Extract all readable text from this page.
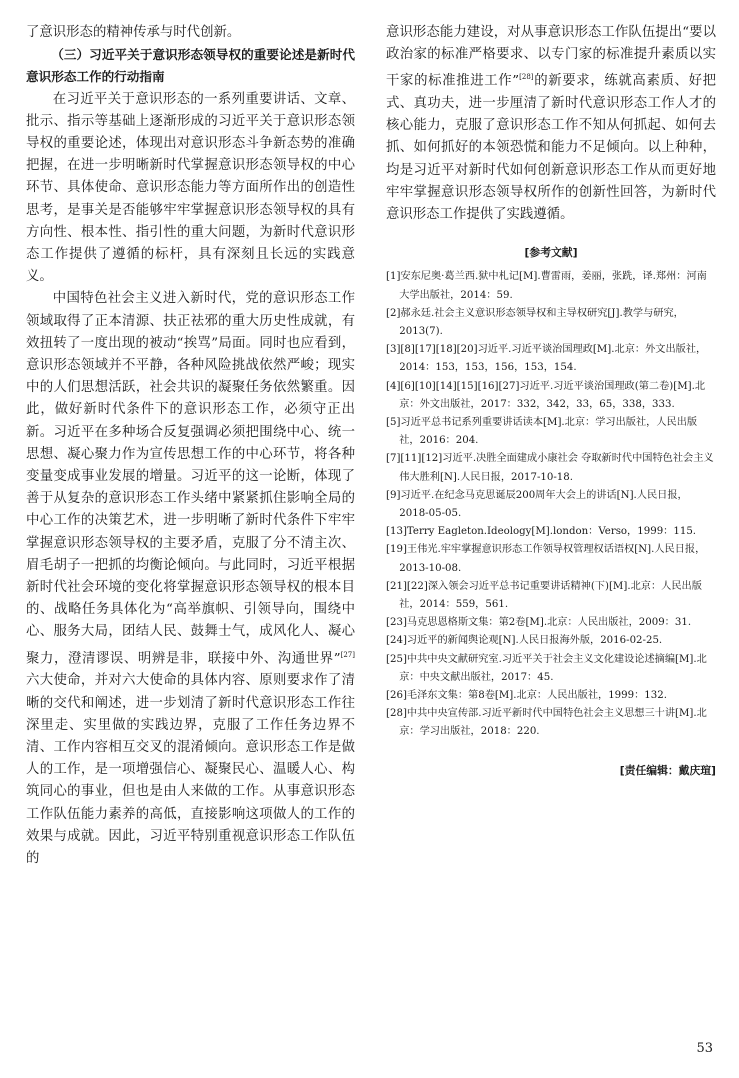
了意识形态的精神传承与时代创新。

（三）习近平关于意识形态领导权的重要论述是新时代意识形态工作的行动指南

在习近平关于意识形态的一系列重要讲话、文章、批示、指示等基础上逐渐形成的习近平关于意识形态领导权的重要论述，体现出对意识形态斗争新态势的准确把握，在进一步明晰新时代掌握意识形态领导权的中心环节、具体使命、意识形态能力等方面所作出的创造性思考，是事关是否能够牢牢掌握意识形态领导权的具有方向性、根本性、指引性的重大问题，为新时代意识形态工作提供了遵循的标杆，具有深刻且长远的实践意义。

中国特色社会主义进入新时代，党的意识形态工作领域取得了正本清源、扶正祛邪的重大历史性成就，有效扭转了一度出现的被动“挨骂”局面。同时也应看到，意识形态领域并不平静，各种风险挑战依然严峻；现实中的人们思想活跃，社会共识的凝聚任务依然繁重。因此，做好新时代条件下的意识形态工作，必须守正出新。习近平在多种场合反复强调必须把围绕中心、统一思想、凝心聚力作为宣传思想工作的中心环节，将各种变量变成事业发展的增量。习近平的这一论断，体现了善于从复杂的意识形态工作头绪中紧紧抓住影响全局的中心工作的决策艺术，进一步明晰了新时代条件下牢牢掌握意识形态领导权的主要矛盾，克服了分不清主次、眉毛胡子一把抓的均衡论倾向。与此同时，习近平根据新时代社会环境的变化将掌握意识形态领导权的根本目的、战略任务具体化为“高举旗帜、引领导向，围绕中心、服务大局，团结人民、鼓舞士气，成风化人、凝心聚力，澄清谬误、明辨是非，联接中外、沟通世界”[27]六大使命，并对六大使命的具体内容、原则要求作了清晰的交代和阐述，进一步划清了新时代意识形态工作往深里走、实里做的实践边界，克服了工作任务边界不清、工作内容相互交叉的混淆倾向。意识形态工作是做人的工作，是一项增强信心、凝聚民心、温暖人心、构筑同心的事业，但也是由人来做的工作。从事意识形态工作队伍能力素养的高低，直接影响这项做人的工作的效果与成就。因此，习近平特别重视意识形态工作队伍的

意识形态能力建设，对从事意识形态工作队伍提出“要以政治家的标准严格要求、以专门家的标准提升素质以实干家的标准推进工作”[28]的新要求，练就高素质、好把式、真功夫，进一步厘清了新时代意识形态工作人才的核心能力，克服了意识形态工作不知从何抓起、如何去抓、如何抓好的本领恐慌和能力不足倾向。以上种种，均是习近平对新时代如何创新意识形态工作从而更好地牢牢掌握意识形态领导权所作的创新性回答，为新时代意识形态工作提供了实践遵循。

[参考文献]
[1]安东尼奥·葛兰西.狱中札记[M].曹雷雨，姜丽，张跣，译.郑州：河南大学出版社，2014：59.
[2]郝永廷.社会主义意识形态领导权和主导权研究[J].教学与研究，2013(7).
[3][8][17][18][20]习近平.习近平谈治国理政[M].北京：外文出版社，2014：153，153，156，153，154.
[4][6][10][14][15][16][27]习近平.习近平谈治国理政(第二卷)[M].北京：外文出版社，2017：332，342，33，65，338，333.
[5]习近平总书记系列重要讲话读本[M].北京：学习出版社，人民出版社，2016：204.
[7][11][12]习近平.决胜全面建成小康社会 夺取新时代中国特色社会主义伟大胜利[N].人民日报，2017-10-18.
[9]习近平.在纪念马克思诞辰200周年大会上的讲话[N].人民日报，2018-05-05.
[13]Terry Eagleton.Ideology[M].london：Verso，1999：115.
[19]王伟光.牢牢掌握意识形态工作领导权管理权话语权[N].人民日报，2013-10-08.
[21][22]深入领会习近平总书记重要讲话精神(下)[M].北京：人民出版社，2014：559，561.
[23]马克思恩格斯文集：第2卷[M].北京：人民出版社，2009：31.
[24]习近平的新闻舆论观[N].人民日报海外版，2016-02-25.
[25]中共中央文献研究室.习近平关于社会主义文化建设论述摘编[M].北京：中央文献出版社，2017：45.
[26]毛泽东文集：第8卷[M].北京：人民出版社，1999：132.
[28]中共中央宣传部.习近平新时代中国特色社会主义思想三十讲[M].北京：学习出版社，2018：220.
[责任编辑：戴庆瑄]
53
